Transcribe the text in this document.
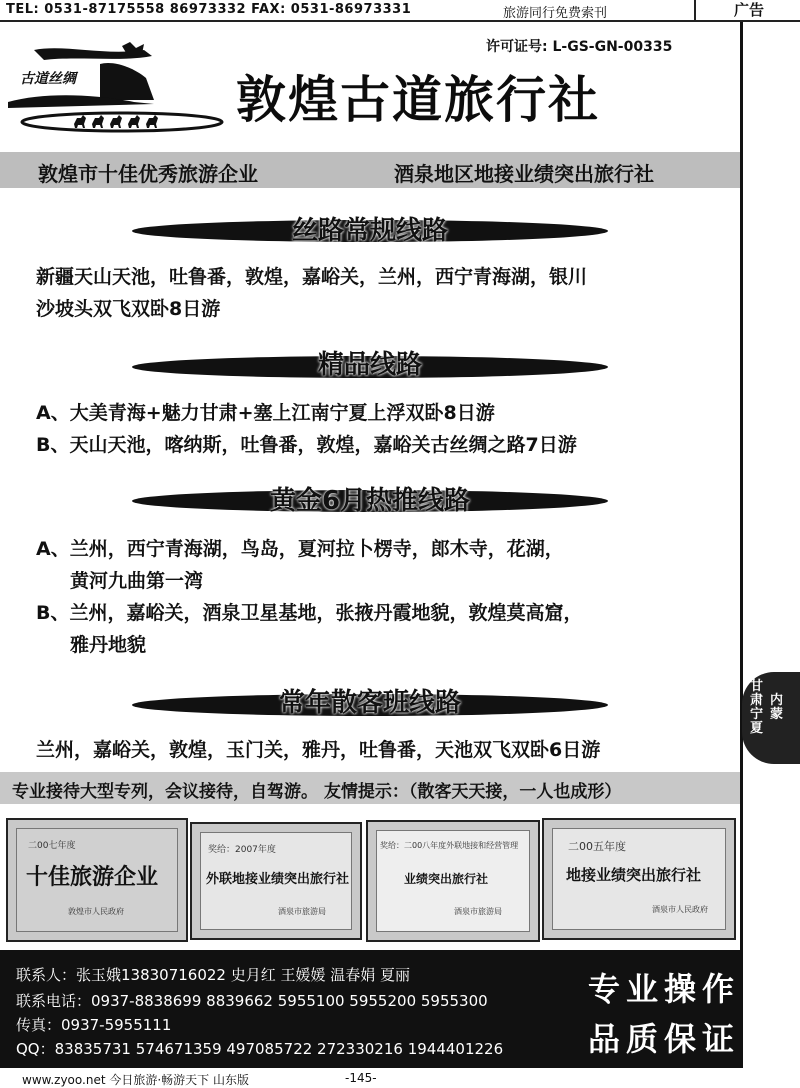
TEL: 0531-87175558 86973332 FAX: 0531-86973331	旅游同行免费索刊	广告
古道丝绸
许可证号: L-GS-GN-00335
敦煌古道旅行社
敦煌市十佳优秀旅游企业	酒泉地区地接业绩突出旅行社
丝路常规线路
新疆天山天池，吐鲁番，敦煌，嘉峪关，兰州，西宁青海湖，银川
沙坡头双飞双卧8日游
精品线路
A、大美青海+魅力甘肃+塞上江南宁夏上浮双卧8日游
B、天山天池，喀纳斯，吐鲁番，敦煌，嘉峪关古丝绸之路7日游
黄金6月热推线路
A、兰州，西宁青海湖，鸟岛，夏河拉卜楞寺，郎木寺，花湖，
黄河九曲第一湾
B、兰州，嘉峪关，酒泉卫星基地，张掖丹霞地貌，敦煌莫高窟，
雅丹地貌
常年散客班线路
兰州，嘉峪关，敦煌，玉门关，雅丹，吐鲁番，天池双飞双卧6日游
专业接待大型专列，会议接待，自驾游。 友情提示：（散客天天接，一人也成形）
二00七年度
十佳旅游企业
敦煌市人民政府
奖给：2007年度
外联地接业绩突出旅行社
酒泉市旅游局
奖给：二00八年度外联地接和经营管理
业绩突出旅行社
酒泉市旅游局
二00五年度
地接业绩突出旅行社
酒泉市人民政府
联系人：张玉娥13830716022 史月红 王媛媛 温春娟 夏丽
联系电话：0937-8838699 8839662 5955100 5955200 5955300
传真：0937-5955111
QQ：83835731 574671359 497085722 272330216 1944401226
专业操作
品质保证
www.zyoo.net 今日旅游·畅游天下 山东版	-145-
甘肃宁夏
内蒙
